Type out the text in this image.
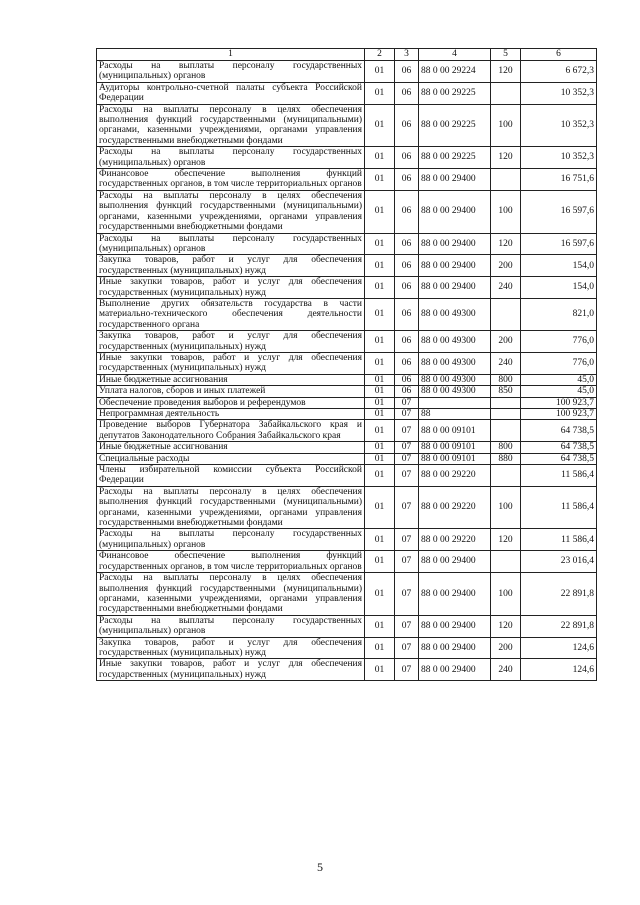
1	2	3	4	5	6
Расходы на выплаты персоналу государственных (муниципальных) органов	01	06	88 0 00 29224	120	6 672,3
Аудиторы контрольно-счетной палаты субъекта Российской Федерации	01	06	88 0 00 29225		10 352,3
Расходы на выплаты персоналу в целях обеспечения выполнения функций государственными (муниципальными) органами, казенными учреждениями, органами управления государственными внебюджетными фондами	01	06	88 0 00 29225	100	10 352,3
Расходы на выплаты персоналу государственных (муниципальных) органов	01	06	88 0 00 29225	120	10 352,3
Финансовое обеспечение выполнения функций государственных органов, в том числе территориальных органов	01	06	88 0 00 29400		16 751,6
Расходы на выплаты персоналу в целях обеспечения выполнения функций государственными (муниципальными) органами, казенными учреждениями, органами управления государственными внебюджетными фондами	01	06	88 0 00 29400	100	16 597,6
Расходы на выплаты персоналу государственных (муниципальных) органов	01	06	88 0 00 29400	120	16 597,6
Закупка товаров, работ и услуг для обеспечения государственных (муниципальных) нужд	01	06	88 0 00 29400	200	154,0
Иные закупки товаров, работ и услуг для обеспечения государственных (муниципальных) нужд	01	06	88 0 00 29400	240	154,0
Выполнение других обязательств государства в части материально-технического обеспечения деятельности государственного органа	01	06	88 0 00 49300		821,0
Закупка товаров, работ и услуг для обеспечения государственных (муниципальных) нужд	01	06	88 0 00 49300	200	776,0
Иные закупки товаров, работ и услуг для обеспечения государственных (муниципальных) нужд	01	06	88 0 00 49300	240	776,0
Иные бюджетные ассигнования	01	06	88 0 00 49300	800	45,0
Уплата налогов, сборов и иных платежей	01	06	88 0 00 49300	850	45,0
Обеспечение проведения выборов и референдумов	01	07			100 923,7
Непрограммная деятельность	01	07	88		100 923,7
Проведение выборов Губернатора Забайкальского края и депутатов Законодательного Собрания Забайкальского края	01	07	88 0 00 09101		64 738,5
Иные бюджетные ассигнования	01	07	88 0 00 09101	800	64 738,5
Специальные расходы	01	07	88 0 00 09101	880	64 738,5
Члены избирательной комиссии субъекта Российской Федерации	01	07	88 0 00 29220		11 586,4
Расходы на выплаты персоналу в целях обеспечения выполнения функций государственными (муниципальными) органами, казенными учреждениями, органами управления государственными внебюджетными фондами	01	07	88 0 00 29220	100	11 586,4
Расходы на выплаты персоналу государственных (муниципальных) органов	01	07	88 0 00 29220	120	11 586,4
Финансовое обеспечение выполнения функций государственных органов, в том числе территориальных органов	01	07	88 0 00 29400		23 016,4
Расходы на выплаты персоналу в целях обеспечения выполнения функций государственными (муниципальными) органами, казенными учреждениями, органами управления государственными внебюджетными фондами	01	07	88 0 00 29400	100	22 891,8
Расходы на выплаты персоналу государственных (муниципальных) органов	01	07	88 0 00 29400	120	22 891,8
Закупка товаров, работ и услуг для обеспечения государственных (муниципальных) нужд	01	07	88 0 00 29400	200	124,6
Иные закупки товаров, работ и услуг для обеспечения государственных (муниципальных) нужд	01	07	88 0 00 29400	240	124,6
5
